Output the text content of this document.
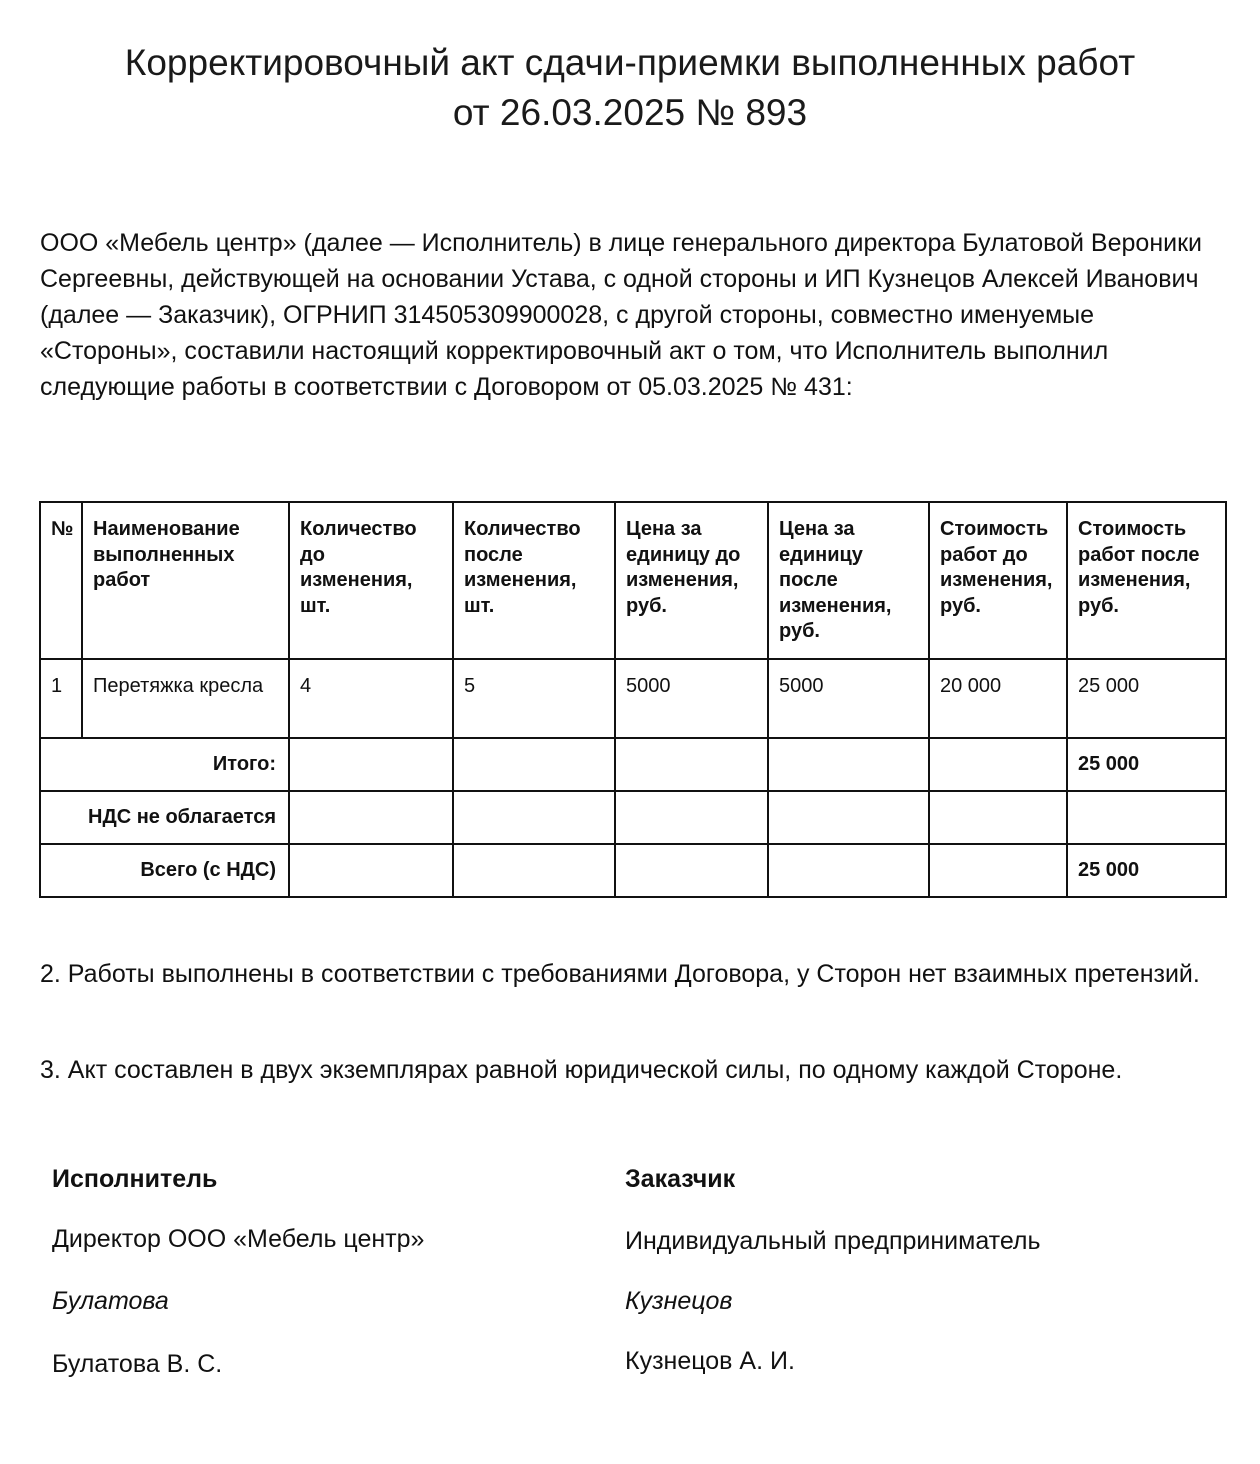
Корректировочный акт сдачи-приемки выполненных работ
от 26.03.2025 № 893

ООО «Мебель центр» (далее — Исполнитель) в лице генерального директора Булатовой Вероники Сергеевны, действующей на основании Устава, с одной стороны и ИП Кузнецов Алексей Иванович (далее — Заказчик), ОГРНИП 314505309900028, с другой стороны, совместно именуемые «Стороны», составили настоящий корректировочный акт о том, что Исполнитель выполнил следующие работы в соответствии с Договором от 05.03.2025 № 431:

№	Наименование выполненных работ	Количество до изменения, шт.	Количество после изменения, шт.	Цена за единицу до изменения, руб.	Цена за единицу после изменения, руб.	Стоимость работ до изменения, руб.	Стоимость работ после изменения, руб.
1	Перетяжка кресла	4	5	5000	5000	20 000	25 000
Итого:							25 000
НДС не облагается							
Всего (с НДС)							25 000

2. Работы выполнены в соответствии с требованиями Договора, у Сторон нет взаимных претензий.

3. Акт составлен в двух экземплярах равной юридической силы, по одному каждой Стороне.

Исполнитель
Директор ООО «Мебель центр»
Булатова
Булатова В. С.
Заказчик
Индивидуальный предприниматель
Кузнецов
Кузнецов А. И.
